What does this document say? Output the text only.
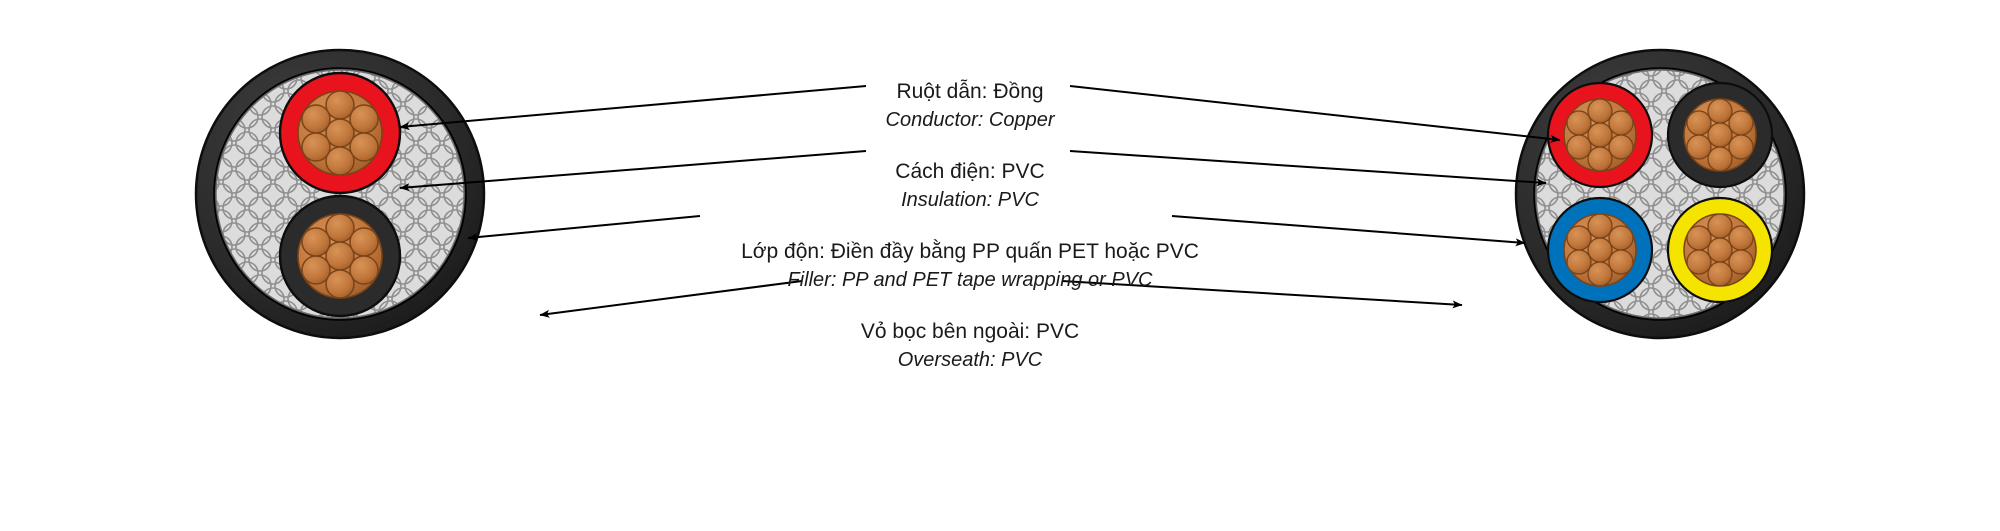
Ruột dẫn: Đồng
Conductor: Copper
Cách điện: PVC
Insulation: PVC
Lớp độn: Điền đầy bằng PP quấn PET hoặc PVC
Filler: PP and PET tape wrapping or PVC
Vỏ bọc bên ngoài: PVC
Overseath: PVC
